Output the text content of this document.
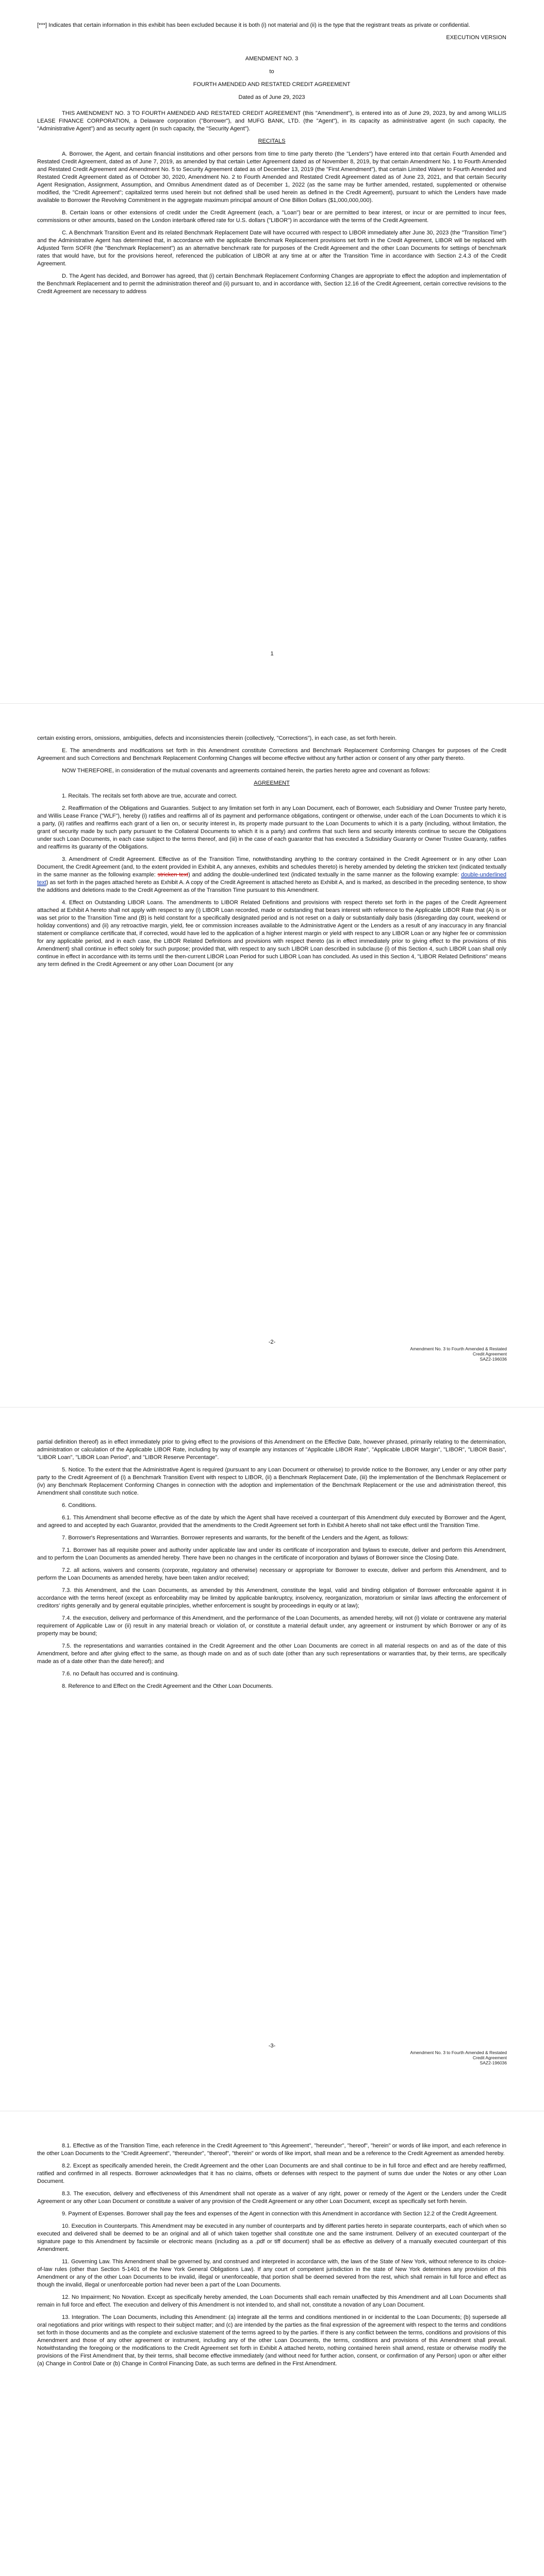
[***] Indicates that certain information in this exhibit has been excluded because it is both (i) not material and (ii) is the type that the registrant treats as private or confidential.

EXECUTION VERSION

AMENDMENT NO. 3

to

FOURTH AMENDED AND RESTATED CREDIT AGREEMENT

Dated as of June 29, 2023

THIS AMENDMENT NO. 3 TO FOURTH AMENDED AND RESTATED CREDIT AGREEMENT (this "Amendment"), is entered into as of June 29, 2023, by and among WILLIS LEASE FINANCE CORPORATION, a Delaware corporation ("Borrower"), and MUFG BANK, LTD. (the "Agent"), in its capacity as administrative agent (in such capacity, the "Administrative Agent") and as security agent (in such capacity, the "Security Agent").

RECITALS

A. Borrower, the Agent, and certain financial institutions and other persons from time to time party thereto (the "Lenders") have entered into that certain Fourth Amended and Restated Credit Agreement, dated as of June 7, 2019, as amended by that certain Letter Agreement dated as of November 8, 2019, by that certain Amendment No. 1 to Fourth Amended and Restated Credit Agreement and Amendment No. 5 to Security Agreement dated as of December 13, 2019 (the "First Amendment"), that certain Limited Waiver to Fourth Amended and Restated Credit Agreement dated as of October 30, 2020, Amendment No. 2 to Fourth Amended and Restated Credit Agreement dated as of June 23, 2021, and that certain Security Agent Resignation, Assignment, Assumption, and Omnibus Amendment dated as of December 1, 2022 (as the same may be further amended, restated, supplemented or otherwise modified, the "Credit Agreement"; capitalized terms used herein but not defined shall be used herein as defined in the Credit Agreement), pursuant to which the Lenders have made available to Borrower the Revolving Commitment in the aggregate maximum principal amount of One Billion Dollars ($1,000,000,000).

B. Certain loans or other extensions of credit under the Credit Agreement (each, a "Loan") bear or are permitted to bear interest, or incur or are permitted to incur fees, commissions or other amounts, based on the London interbank offered rate for U.S. dollars ("LIBOR") in accordance with the terms of the Credit Agreement.

C. A Benchmark Transition Event and its related Benchmark Replacement Date will have occurred with respect to LIBOR immediately after June 30, 2023 (the "Transition Time") and the Administrative Agent has determined that, in accordance with the applicable Benchmark Replacement provisions set forth in the Credit Agreement, LIBOR will be replaced with Adjusted Term SOFR (the "Benchmark Replacement") as an alternative benchmark rate for purposes of the Credit Agreement and the other Loan Documents for settings of benchmark rates that would have, but for the provisions hereof, referenced the publication of LIBOR at any time at or after the Transition Time in accordance with Section 2.4.3 of the Credit Agreement.

D. The Agent has decided, and Borrower has agreed, that (i) certain Benchmark Replacement Conforming Changes are appropriate to effect the adoption and implementation of the Benchmark Replacement and to permit the administration thereof and (ii) pursuant to, and in accordance with, Section 12.16 of the Credit Agreement, certain corrective revisions to the Credit Agreement are necessary to address

1

certain existing errors, omissions, ambiguities, defects and inconsistencies therein (collectively, "Corrections"), in each case, as set forth herein.

E. The amendments and modifications set forth in this Amendment constitute Corrections and Benchmark Replacement Conforming Changes for purposes of the Credit Agreement and such Corrections and Benchmark Replacement Conforming Changes will become effective without any further action or consent of any other party thereto.

NOW THEREFORE, in consideration of the mutual covenants and agreements contained herein, the parties hereto agree and covenant as follows:

AGREEMENT

1. Recitals. The recitals set forth above are true, accurate and correct.

2. Reaffirmation of the Obligations and Guaranties. Subject to any limitation set forth in any Loan Document, each of Borrower, each Subsidiary and Owner Trustee party hereto, and Willis Lease France ("WLF"), hereby (i) ratifies and reaffirms all of its payment and performance obligations, contingent or otherwise, under each of the Loan Documents to which it is a party, (ii) ratifies and reaffirms each grant of a lien on, or security interest in, its property made pursuant to the Loan Documents to which it is a party (including, without limitation, the grant of security made by such party pursuant to the Collateral Documents to which it is a party) and confirms that such liens and security interests continue to secure the Obligations under such Loan Documents, in each case subject to the terms thereof, and (iii) in the case of each guarantor that has executed a Subsidiary Guaranty or Owner Trustee Guaranty, ratifies and reaffirms its guaranty of the Obligations.

3. Amendment of Credit Agreement. Effective as of the Transition Time, notwithstanding anything to the contrary contained in the Credit Agreement or in any other Loan Document, the Credit Agreement (and, to the extent provided in Exhibit A, any annexes, exhibits and schedules thereto) is hereby amended by deleting the stricken text (indicated textually in the same manner as the following example: stricken text) and adding the double-underlined text (indicated textually in the same manner as the following example: double-underlined text) as set forth in the pages attached hereto as Exhibit A. A copy of the Credit Agreement is attached hereto as Exhibit A, and is marked, as described in the preceding sentence, to show the additions and deletions made to the Credit Agreement as of the Transition Time pursuant to this Amendment.

4. Effect on Outstanding LIBOR Loans. The amendments to LIBOR Related Definitions and provisions with respect thereto set forth in the pages of the Credit Agreement attached at Exhibit A hereto shall not apply with respect to any (i) LIBOR Loan recorded, made or outstanding that bears interest with reference to the Applicable LIBOR Rate that (A) is or was set prior to the Transition Time and (B) is held constant for a specifically designated period and is not reset on a daily or substantially daily basis (disregarding day count, weekend or holiday conventions) and (ii) any retroactive margin, yield, fee or commission increases available to the Administrative Agent or the Lenders as a result of any inaccuracy in any financial statement or compliance certificate that, if corrected, would have led to the application of a higher interest margin or yield with respect to any LIBOR Loan or any higher fee or commission for any applicable period, and in each case, the LIBOR Related Definitions and provisions with respect thereto (as in effect immediately prior to giving effect to the provisions of this Amendment) shall continue in effect solely for such purpose; provided that, with respect to any such LIBOR Loan described in subclause (i) of this Section 4, such LIBOR Loan shall only continue in effect in accordance with its terms until the then-current LIBOR Loan Period for such LIBOR Loan has concluded. As used in this Section 4, "LIBOR Related Definitions" means any term defined in the Credit Agreement or any other Loan Document (or any

-2-
Amendment No. 3 to Fourth Amended & Restated
Credit Agreement
SAZ2-196036

partial definition thereof) as in effect immediately prior to giving effect to the provisions of this Amendment on the Effective Date, however phrased, primarily relating to the determination, administration or calculation of the Applicable LIBOR Rate, including by way of example any instances of "Applicable LIBOR Rate", "Applicable LIBOR Margin", "LIBOR", "LIBOR Basis", "LIBOR Loan", "LIBOR Loan Period", and "LIBOR Reserve Percentage".

5. Notice. To the extent that the Administrative Agent is required (pursuant to any Loan Document or otherwise) to provide notice to the Borrower, any Lender or any other party party to the Credit Agreement of (i) a Benchmark Transition Event with respect to LIBOR, (ii) a Benchmark Replacement Date, (iii) the implementation of the Benchmark Replacement or (iv) any Benchmark Replacement Conforming Changes in connection with the adoption and implementation of the Benchmark Replacement or the use and administration thereof, this Amendment shall constitute such notice.

6. Conditions.

6.1. This Amendment shall become effective as of the date by which the Agent shall have received a counterpart of this Amendment duly executed by Borrower and the Agent, and agreed to and accepted by each Guarantor, provided that the amendments to the Credit Agreement set forth in Exhibit A hereto shall not take effect until the Transition Time.

7. Borrower's Representations and Warranties. Borrower represents and warrants, for the benefit of the Lenders and the Agent, as follows:

7.1. Borrower has all requisite power and authority under applicable law and under its certificate of incorporation and bylaws to execute, deliver and perform this Amendment, and to perform the Loan Documents as amended hereby. There have been no changes in the certificate of incorporation and bylaws of Borrower since the Closing Date.

7.2. all actions, waivers and consents (corporate, regulatory and otherwise) necessary or appropriate for Borrower to execute, deliver and perform this Amendment, and to perform the Loan Documents as amended hereby, have been taken and/or received;

7.3. this Amendment, and the Loan Documents, as amended by this Amendment, constitute the legal, valid and binding obligation of Borrower enforceable against it in accordance with the terms hereof (except as enforceability may be limited by applicable bankruptcy, insolvency, reorganization, moratorium or similar laws affecting the enforcement of creditors' rights generally and by general equitable principles, whether enforcement is sought by proceedings in equity or at law);

7.4. the execution, delivery and performance of this Amendment, and the performance of the Loan Documents, as amended hereby, will not (i) violate or contravene any material requirement of Applicable Law or (ii) result in any material breach or violation of, or constitute a material default under, any agreement or instrument by which Borrower or any of its property may be bound;

7.5. the representations and warranties contained in the Credit Agreement and the other Loan Documents are correct in all material respects on and as of the date of this Amendment, before and after giving effect to the same, as though made on and as of such date (other than any such representations or warranties that, by their terms, are specifically made as of a date other than the date hereof); and

7.6. no Default has occurred and is continuing.

8. Reference to and Effect on the Credit Agreement and the Other Loan Documents.

-3-
Amendment No. 3 to Fourth Amended & Restated
Credit Agreement
SAZ2-196036

8.1. Effective as of the Transition Time, each reference in the Credit Agreement to "this Agreement", "hereunder", "hereof", "herein" or words of like import, and each reference in the other Loan Documents to the "Credit Agreement", "thereunder", "thereof", "therein" or words of like import, shall mean and be a reference to the Credit Agreement as amended hereby.

8.2. Except as specifically amended herein, the Credit Agreement and the other Loan Documents are and shall continue to be in full force and effect and are hereby reaffirmed, ratified and confirmed in all respects. Borrower acknowledges that it has no claims, offsets or defenses with respect to the payment of sums due under the Notes or any other Loan Document.

8.3. The execution, delivery and effectiveness of this Amendment shall not operate as a waiver of any right, power or remedy of the Agent or the Lenders under the Credit Agreement or any other Loan Document or constitute a waiver of any provision of the Credit Agreement or any other Loan Document, except as specifically set forth herein.

9. Payment of Expenses. Borrower shall pay the fees and expenses of the Agent in connection with this Amendment in accordance with Section 12.2 of the Credit Agreement.

10. Execution in Counterparts. This Amendment may be executed in any number of counterparts and by different parties hereto in separate counterparts, each of which when so executed and delivered shall be deemed to be an original and all of which taken together shall constitute one and the same instrument. Delivery of an executed counterpart of the signature page to this Amendment by facsimile or electronic means (including as a .pdf or tiff document) shall be as effective as delivery of a manually executed counterpart of this Amendment.

11. Governing Law. This Amendment shall be governed by, and construed and interpreted in accordance with, the laws of the State of New York, without reference to its choice-of-law rules (other than Section 5-1401 of the New York General Obligations Law). If any court of competent jurisdiction in the state of New York determines any provision of this Amendment or any of the other Loan Documents to be invalid, illegal or unenforceable, that portion shall be deemed severed from the rest, which shall remain in full force and effect as though the invalid, illegal or unenforceable portion had never been a part of the Loan Documents.

12. No Impairment; No Novation. Except as specifically hereby amended, the Loan Documents shall each remain unaffected by this Amendment and all Loan Documents shall remain in full force and effect. The execution and delivery of this Amendment is not intended to, and shall not, constitute a novation of any Loan Document.

13. Integration. The Loan Documents, including this Amendment: (a) integrate all the terms and conditions mentioned in or incidental to the Loan Documents; (b) supersede all oral negotiations and prior writings with respect to their subject matter; and (c) are intended by the parties as the final expression of the agreement with respect to the terms and conditions set forth in those documents and as the complete and exclusive statement of the terms agreed to by the parties. If there is any conflict between the terms, conditions and provisions of this Amendment and those of any other agreement or instrument, including any of the other Loan Documents, the terms, conditions and provisions of this Amendment shall prevail. Notwithstanding the foregoing or the modifications to the Credit Agreement set forth in Exhibit A attached hereto, nothing contained herein shall amend, restate or otherwise modify the provisions of the First Amendment that, by their terms, shall become effective immediately (and without need for further action, consent, or confirmation of any Person) upon or after either (a) Change in Control Date or (b) Change in Control Financing Date, as such terms are defined in the First Amendment.
